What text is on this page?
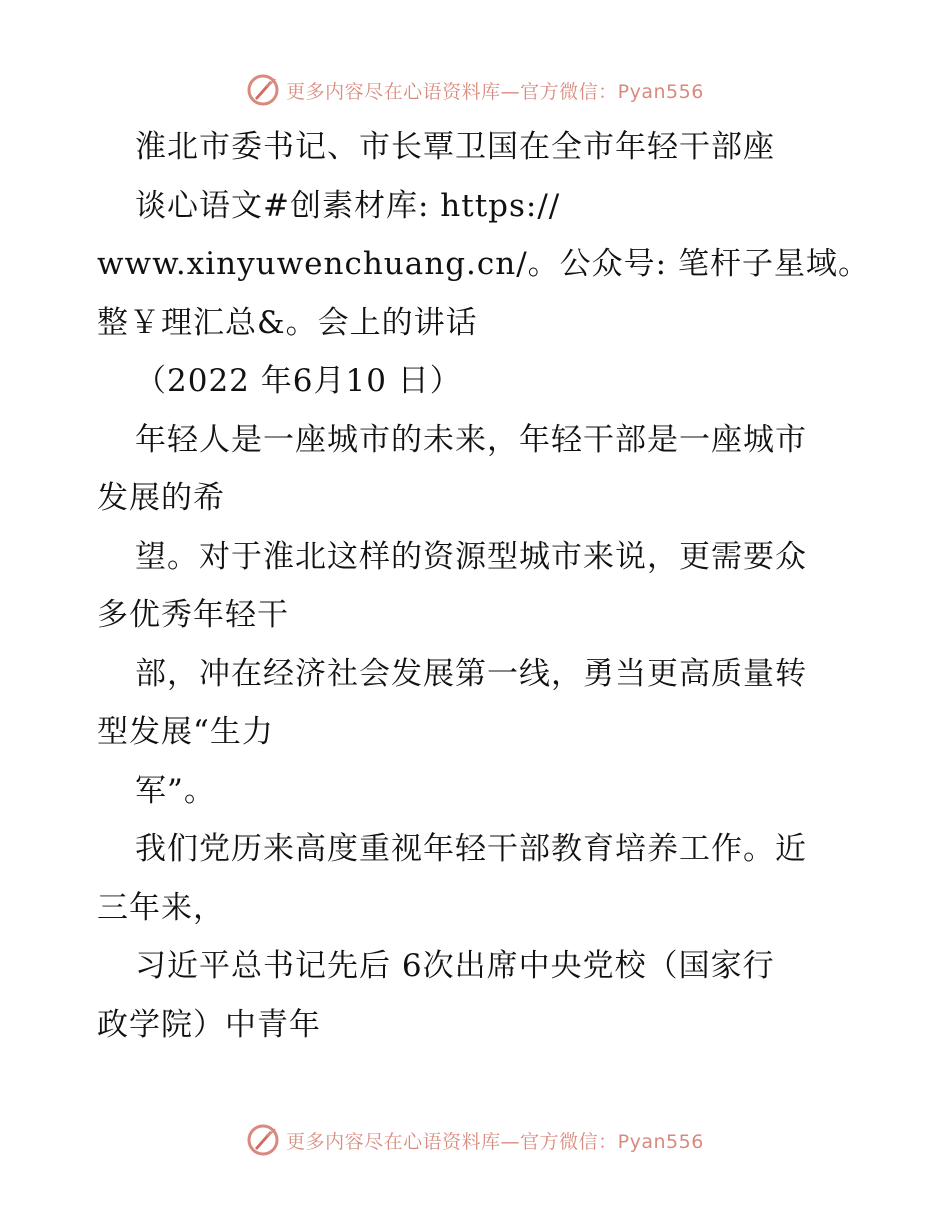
更多内容尽在心语资料库—官方微信：Pyan556
淮北市委书记、市长覃卫国在全市年轻干部座
谈心语文#创素材库: https://
www.xinyuwenchuang.cn/。公众号: 笔杆子星域。
整￥理汇总&。会上的讲话
（2022 年6月10 日）
年轻人是一座城市的未来，年轻干部是一座城市
发展的希
望。对于淮北这样的资源型城市来说，更需要众
多优秀年轻干
部，冲在经济社会发展第一线，勇当更高质量转
型发展“生力
军”。
我们党历来高度重视年轻干部教育培养工作。近
三年来，
习近平总书记先后 6次出席中央党校（国家行
政学院）中青年
更多内容尽在心语资料库—官方微信：Pyan556
